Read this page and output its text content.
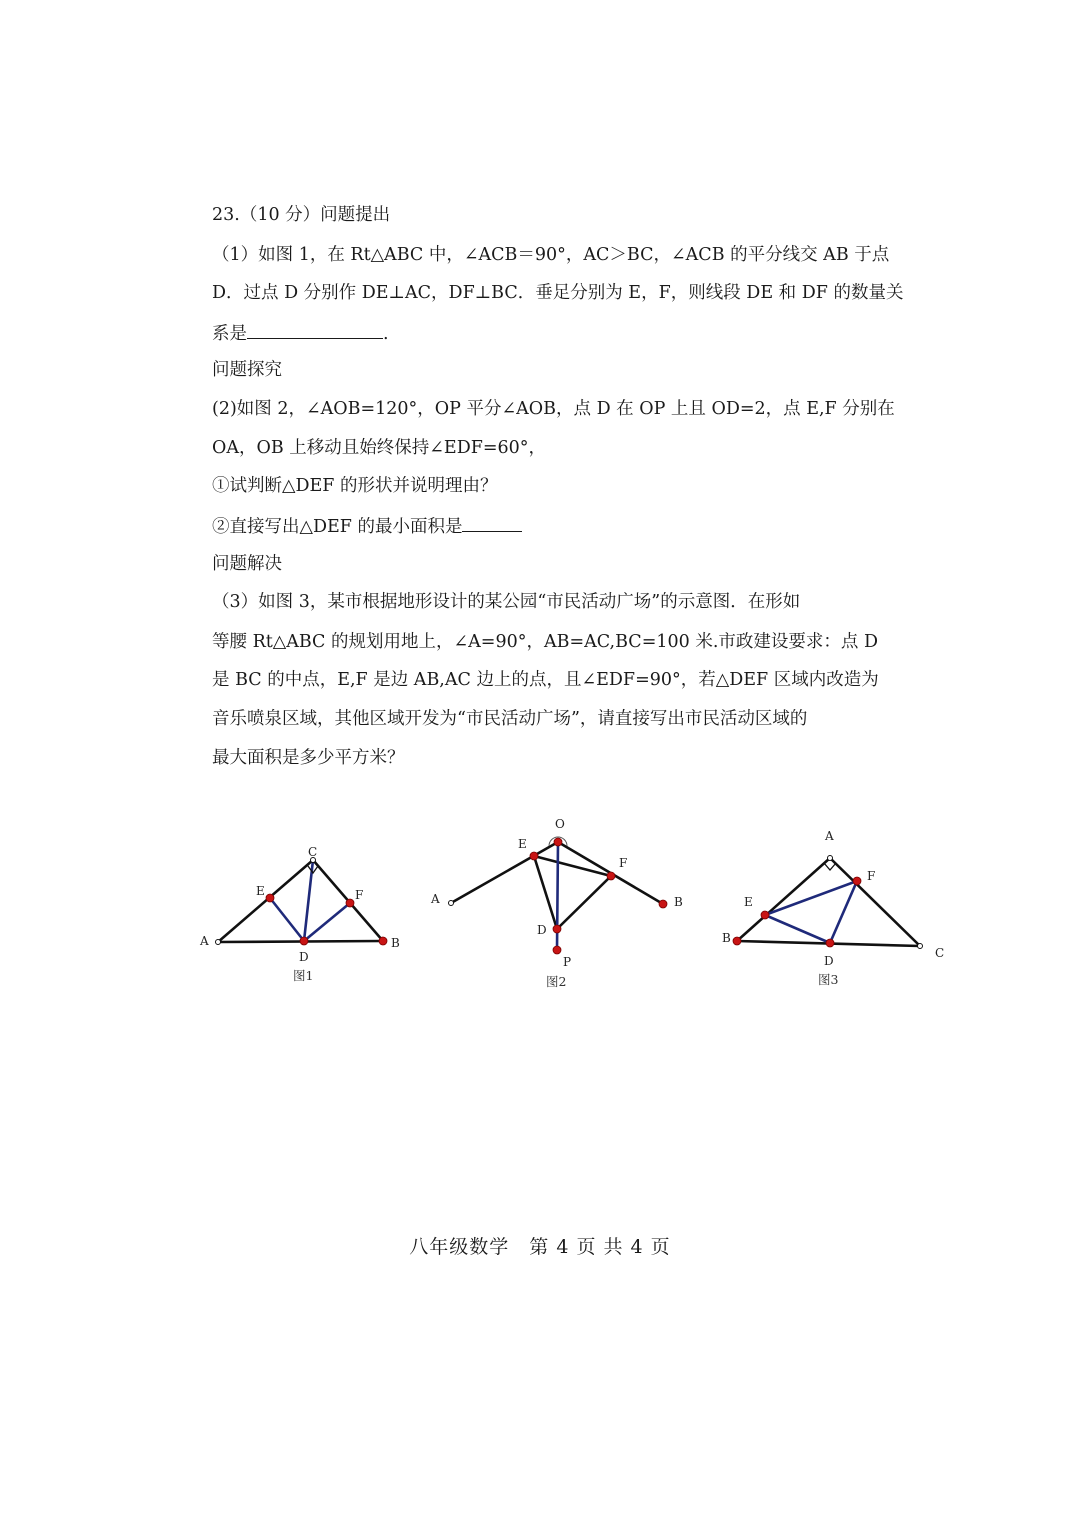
23.（10 分）问题提出
（1）如图 1，在 Rt△ABC 中，∠ACB＝90°，AC＞BC，∠ACB 的平分线交 AB 于点
D．过点 D 分别作 DE⊥AC，DF⊥BC．垂足分别为 E，F，则线段 DE 和 DF 的数量关
系是	.
问题探究
(2)如图 2，∠AOB=120°，OP 平分∠AOB，点 D 在 OP 上且 OD=2，点 E,F 分别在
OA，OB 上移动且始终保持∠EDF=60°，
①试判断△DEF 的形状并说明理由？
②直接写出△DEF 的最小面积是
问题解决
（3）如图 3，某市根据地形设计的某公园“市民活动广场”的示意图．在形如
等腰 Rt△ABC 的规划用地上，∠A=90°，AB=AC,BC=100 米.市政建设要求：点 D
是 BC 的中点，E,F 是边 AB,AC 边上的点，且∠EDF=90°，若△DEF 区域内改造为
音乐喷泉区域，其他区域开发为“市民活动广场”，请直接写出市民活动区域的
最大面积是多少平方米？
A	B
C
D
E	F
图1
O
A	B
D
E
F
P
图2
A
B
C
D
E
F
图3
八年级数学　第 4 页 共 4 页
